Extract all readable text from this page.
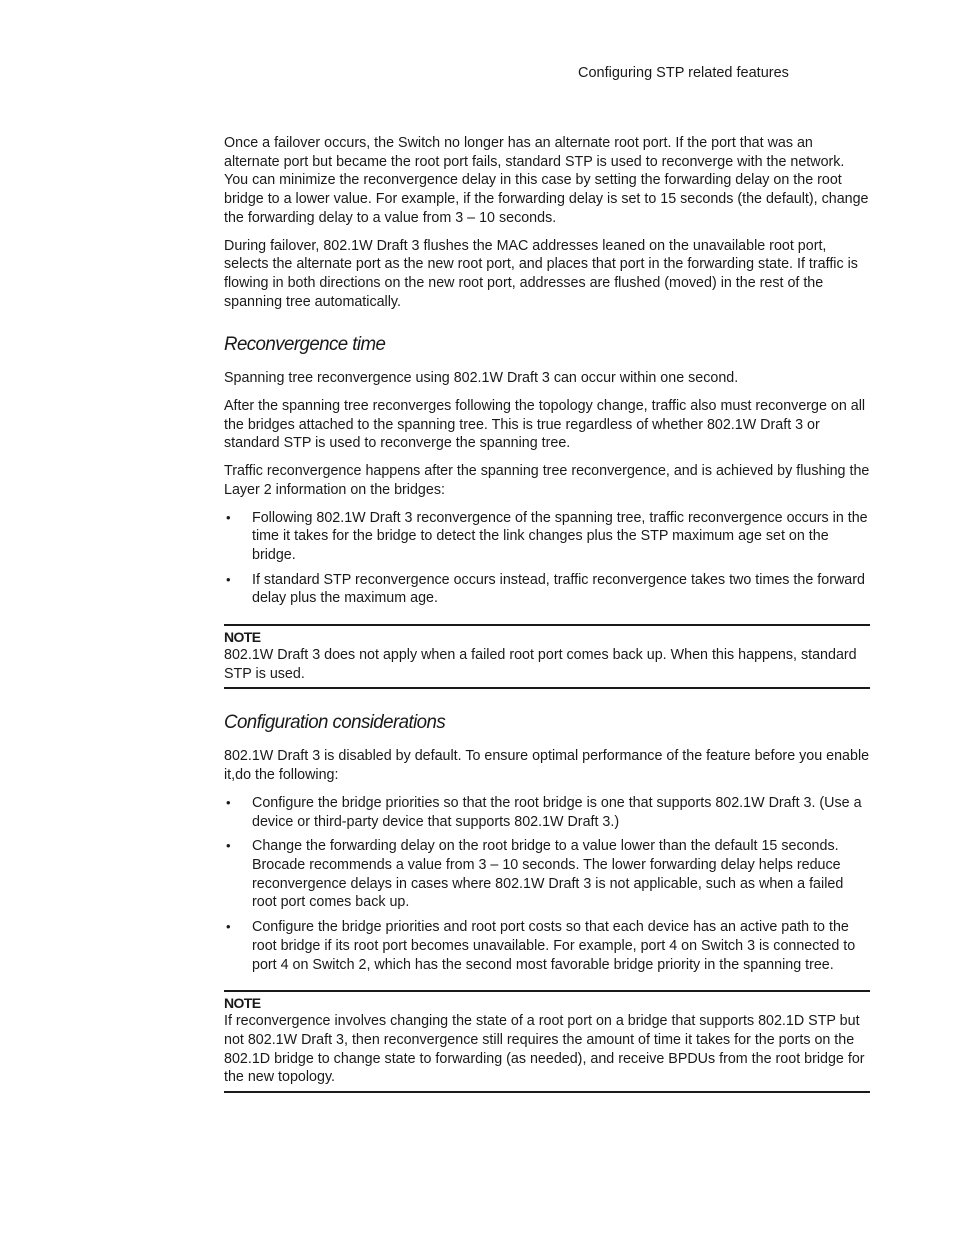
Configuring STP related features

Once a failover occurs, the Switch no longer has an alternate root port. If the port that was an alternate port but became the root port fails, standard STP is used to reconverge with the network. You can minimize the reconvergence delay in this case by setting the forwarding delay on the root bridge to a lower value. For example, if the forwarding delay is set to 15 seconds (the default), change the forwarding delay to a value from 3 – 10 seconds.

During failover, 802.1W Draft 3 flushes the MAC addresses leaned on the unavailable root port, selects the alternate port as the new root port, and places that port in the forwarding state. If traffic is flowing in both directions on the new root port, addresses are flushed (moved) in the rest of the spanning tree automatically.

Reconvergence time

Spanning tree reconvergence using 802.1W Draft 3 can occur within one second.

After the spanning tree reconverges following the topology change, traffic also must reconverge on all the bridges attached to the spanning tree. This is true regardless of whether 802.1W Draft 3 or standard STP is used to reconverge the spanning tree.

Traffic reconvergence happens after the spanning tree reconvergence, and is achieved by flushing the Layer 2 information on the bridges:

• Following 802.1W Draft 3 reconvergence of the spanning tree, traffic reconvergence occurs in the time it takes for the bridge to detect the link changes plus the STP maximum age set on the bridge.
• If standard STP reconvergence occurs instead, traffic reconvergence takes two times the forward delay plus the maximum age.
NOTE

802.1W Draft 3 does not apply when a failed root port comes back up. When this happens, standard STP is used.

Configuration considerations

802.1W Draft 3 is disabled by default. To ensure optimal performance of the feature before you enable it,do the following:

• Configure the bridge priorities so that the root bridge is one that supports 802.1W Draft 3. (Use a device or third-party device that supports 802.1W Draft 3.)
• Change the forwarding delay on the root bridge to a value lower than the default 15 seconds. Brocade recommends a value from 3 – 10 seconds. The lower forwarding delay helps reduce reconvergence delays in cases where 802.1W Draft 3 is not applicable, such as when a failed root port comes back up.
• Configure the bridge priorities and root port costs so that each device has an active path to the root bridge if its root port becomes unavailable. For example, port 4 on Switch 3 is connected to port 4 on Switch 2, which has the second most favorable bridge priority in the spanning tree.
NOTE

If reconvergence involves changing the state of a root port on a bridge that supports 802.1D STP but not 802.1W Draft 3, then reconvergence still requires the amount of time it takes for the ports on the 802.1D bridge to change state to forwarding (as needed), and receive BPDUs from the root bridge for the new topology.
